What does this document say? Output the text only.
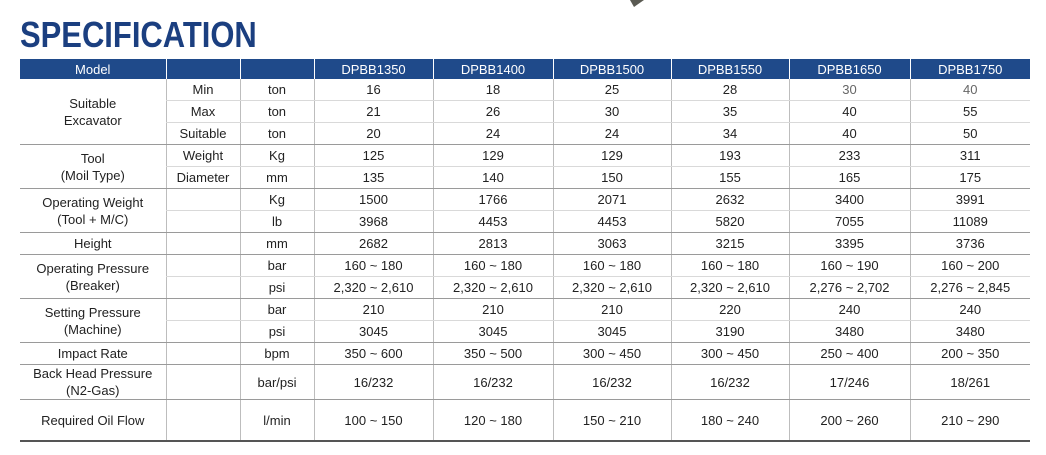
SPECIFICATION
Model			DPBB1350	DPBB1400	DPBB1500	DPBB1550	DPBB1650	DPBB1750
Suitable
Excavator	Min	ton	16	18	25	28	30	40
	Max	ton	21	26	30	35	40	55
	Suitable	ton	20	24	24	34	40	50
Tool
(Moil Type)	Weight	Kg	125	129	129	193	233	311
	Diameter	mm	135	140	150	155	165	175
Operating Weight
(Tool + M/C)		Kg	1500	1766	2071	2632	3400	3991
		lb	3968	4453	4453	5820	7055	11089
Height		mm	2682	2813	3063	3215	3395	3736
Operating Pressure
(Breaker)		bar	160 ~ 180	160 ~ 180	160 ~ 180	160 ~ 180	160 ~ 190	160 ~ 200
		psi	2,320 ~ 2,610	2,320 ~ 2,610	2,320 ~ 2,610	2,320 ~ 2,610	2,276 ~ 2,702	2,276 ~ 2,845
Setting Pressure
(Machine)		bar	210	210	210	220	240	240
		psi	3045	3045	3045	3190	3480	3480
Impact Rate		bpm	350 ~ 600	350 ~ 500	300 ~ 450	300 ~ 450	250 ~ 400	200 ~ 350
Back Head Pressure
(N2-Gas)		bar/psi	16/232	16/232	16/232	16/232	17/246	18/261
Required Oil Flow		l/min	100 ~ 150	120 ~ 180	150 ~ 210	180 ~ 240	200 ~ 260	210 ~ 290
